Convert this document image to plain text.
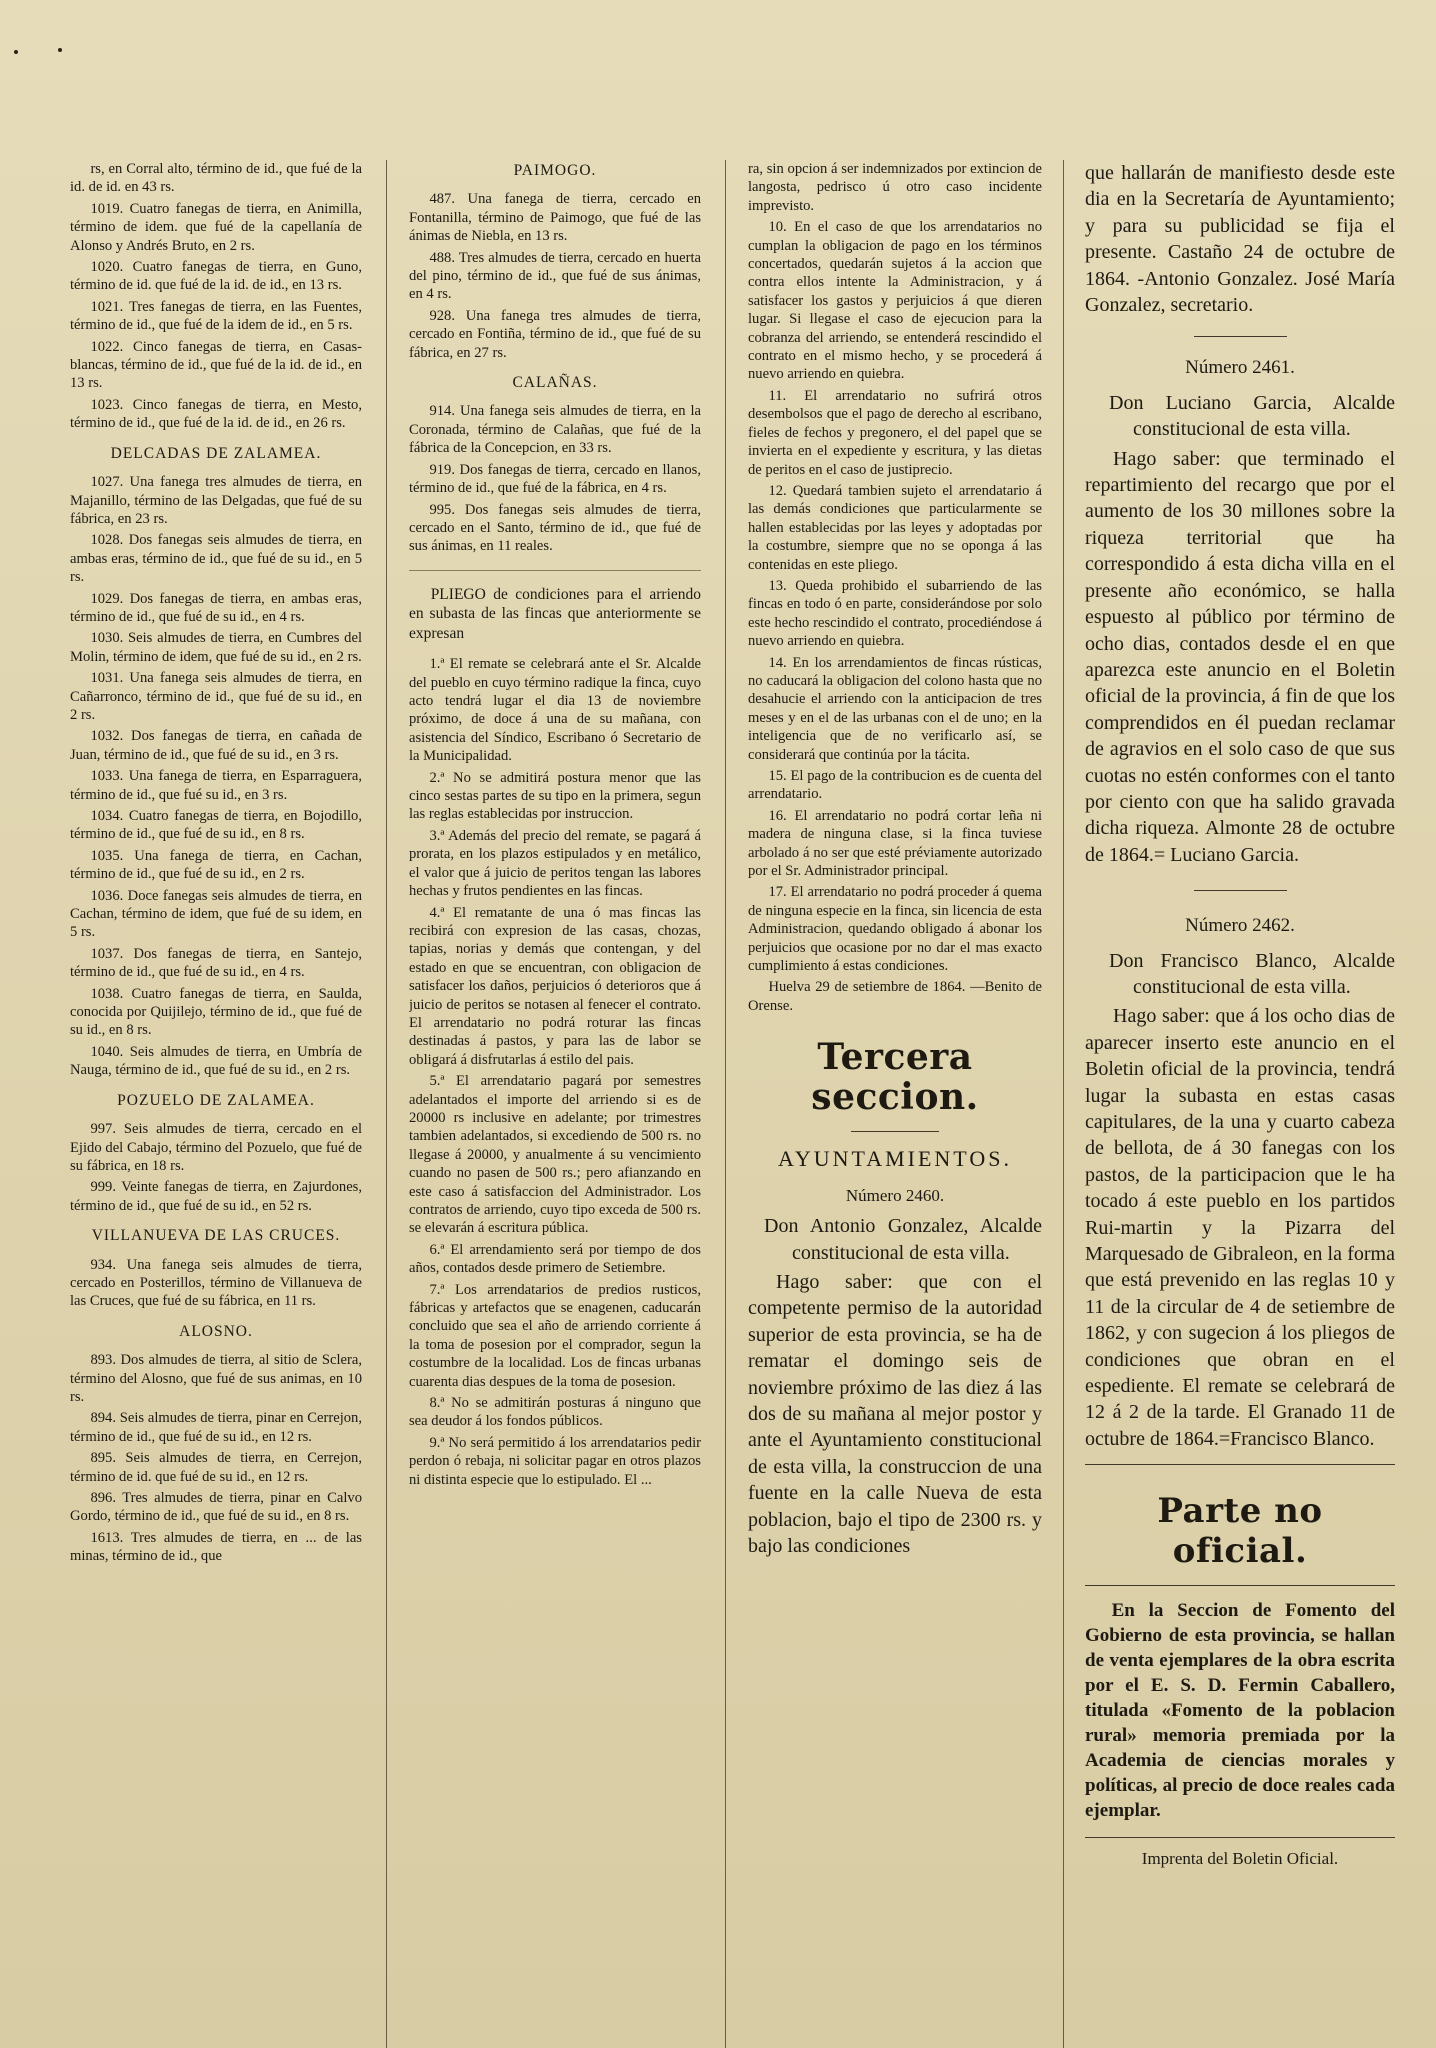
rs, en Corral alto, término de id., que fué de la id. de id. en 43 rs.

1019. Cuatro fanegas de tierra, en Animilla, término de idem. que fué de la capellanía de Alonso y Andrés Bruto, en 2 rs.

1020. Cuatro fanegas de tierra, en Guno, término de id. que fué de la id. de id., en 13 rs.

1021. Tres fanegas de tierra, en las Fuentes, término de id., que fué de la idem de id., en 5 rs.

1022. Cinco fanegas de tierra, en Casas-blancas, término de id., que fué de la id. de id., en 13 rs.

1023. Cinco fanegas de tierra, en Mesto, término de id., que fué de la id. de id., en 26 rs.

DELCADAS DE ZALAMEA.

1027. Una fanega tres almudes de tierra, en Majanillo, término de las Delgadas, que fué de su fábrica, en 23 rs.

1028. Dos fanegas seis almudes de tierra, en ambas eras, término de id., que fué de su id., en 5 rs.

1029. Dos fanegas de tierra, en ambas eras, término de id., que fué de su id., en 4 rs.

1030. Seis almudes de tierra, en Cumbres del Molin, término de idem, que fué de su id., en 2 rs.

1031. Una fanega seis almudes de tierra, en Cañarronco, término de id., que fué de su id., en 2 rs.

1032. Dos fanegas de tierra, en cañada de Juan, término de id., que fué de su id., en 3 rs.

1033. Una fanega de tierra, en Esparraguera, término de id., que fué su id., en 3 rs.

1034. Cuatro fanegas de tierra, en Bojodillo, término de id., que fué de su id., en 8 rs.

1035. Una fanega de tierra, en Cachan, término de id., que fué de su id., en 2 rs.

1036. Doce fanegas seis almudes de tierra, en Cachan, término de idem, que fué de su idem, en 5 rs.

1037. Dos fanegas de tierra, en Santejo, término de id., que fué de su id., en 4 rs.

1038. Cuatro fanegas de tierra, en Saulda, conocida por Quijilejo, término de id., que fué de su id., en 8 rs.

1040. Seis almudes de tierra, en Umbría de Nauga, término de id., que fué de su id., en 2 rs.

POZUELO DE ZALAMEA.

997. Seis almudes de tierra, cercado en el Ejido del Cabajo, término del Pozuelo, que fué de su fábrica, en 18 rs.

999. Veinte fanegas de tierra, en Zajurdones, término de id., que fué de su id., en 52 rs.

VILLANUEVA DE LAS CRUCES.

934. Una fanega seis almudes de tierra, cercado en Posterillos, término de Villanueva de las Cruces, que fué de su fábrica, en 11 rs.

ALOSNO.

893. Dos almudes de tierra, al sitio de Sclera, término del Alosno, que fué de sus animas, en 10 rs.

894. Seis almudes de tierra, pinar en Cerrejon, término de id., que fué de su id., en 12 rs.

895. Seis almudes de tierra, en Cerrejon, término de id. que fué de su id., en 12 rs.

896. Tres almudes de tierra, pinar en Calvo Gordo, término de id., que fué de su id., en 8 rs.

1613. Tres almudes de tierra, en ... de las minas, término de id., que

PAIMOGO.

487. Una fanega de tierra, cercado en Fontanilla, término de Paimogo, que fué de las ánimas de Niebla, en 13 rs.

488. Tres almudes de tierra, cercado en huerta del pino, término de id., que fué de sus ánimas, en 4 rs.

928. Una fanega tres almudes de tierra, cercado en Fontiña, término de id., que fué de su fábrica, en 27 rs.

CALAÑAS.

914. Una fanega seis almudes de tierra, en la Coronada, término de Calañas, que fué de la fábrica de la Concepcion, en 33 rs.

919. Dos fanegas de tierra, cercado en llanos, término de id., que fué de la fábrica, en 4 rs.

995. Dos fanegas seis almudes de tierra, cercado en el Santo, término de id., que fué de sus ánimas, en 11 reales.

PLIEGO de condiciones para el arriendo en subasta de las fincas que anteriormente se expresan

1.ª El remate se celebrará ante el Sr. Alcalde del pueblo en cuyo término radique la finca, cuyo acto tendrá lugar el dia 13 de noviembre próximo, de doce á una de su mañana, con asistencia del Síndico, Escribano ó Secretario de la Municipalidad.

2.ª No se admitirá postura menor que las cinco sestas partes de su tipo en la primera, segun las reglas establecidas por instruccion.

3.ª Además del precio del remate, se pagará á prorata, en los plazos estipulados y en metálico, el valor que á juicio de peritos tengan las labores hechas y frutos pendientes en las fincas.

4.ª El rematante de una ó mas fincas las recibirá con expresion de las casas, chozas, tapias, norias y demás que contengan, y del estado en que se encuentran, con obligacion de satisfacer los daños, perjuicios ó deterioros que á juicio de peritos se notasen al fenecer el contrato. El arrendatario no podrá roturar las fincas destinadas á pastos, y para las de labor se obligará á disfrutarlas á estilo del pais.

5.ª El arrendatario pagará por semestres adelantados el importe del arriendo si es de 20000 rs inclusive en adelante; por trimestres tambien adelantados, si excediendo de 500 rs. no llegase á 20000, y anualmente á su vencimiento cuando no pasen de 500 rs.; pero afianzando en este caso á satisfaccion del Administrador. Los contratos de arriendo, cuyo tipo exceda de 500 rs. se elevarán á escritura pública.

6.ª El arrendamiento será por tiempo de dos años, contados desde primero de Setiembre.

7.ª Los arrendatarios de predios rusticos, fábricas y artefactos que se enagenen, caducarán concluido que sea el año de arriendo corriente á la toma de posesion por el comprador, segun la costumbre de la localidad. Los de fincas urbanas cuarenta dias despues de la toma de posesion.

8.ª No se admitirán posturas á ninguno que sea deudor á los fondos públicos.

9.ª No será permitido á los arrendatarios pedir perdon ó rebaja, ni solicitar pagar en otros plazos ni distinta especie que lo estipulado. El ...

ra, sin opcion á ser indemnizados por extincion de langosta, pedrisco ú otro caso incidente imprevisto.

10. En el caso de que los arrendatarios no cumplan la obligacion de pago en los términos concertados, quedarán sujetos á la accion que contra ellos intente la Administracion, y á satisfacer los gastos y perjuicios á que dieren lugar. Si llegase el caso de ejecucion para la cobranza del arriendo, se entenderá rescindido el contrato en el mismo hecho, y se procederá á nuevo arriendo en quiebra.

11. El arrendatario no sufrirá otros desembolsos que el pago de derecho al escribano, fieles de fechos y pregonero, el del papel que se invierta en el expediente y escritura, y las dietas de peritos en el caso de justiprecio.

12. Quedará tambien sujeto el arrendatario á las demás condiciones que particularmente se hallen establecidas por las leyes y adoptadas por la costumbre, siempre que no se oponga á las contenidas en este pliego.

13. Queda prohibido el subarriendo de las fincas en todo ó en parte, considerándose por solo este hecho rescindido el contrato, procediéndose á nuevo arriendo en quiebra.

14. En los arrendamientos de fincas rústicas, no caducará la obligacion del colono hasta que no desahucie el arriendo con la anticipacion de tres meses y en el de las urbanas con el de uno; en la inteligencia que de no verificarlo así, se considerará que continúa por la tácita.

15. El pago de la contribucion es de cuenta del arrendatario.

16. El arrendatario no podrá cortar leña ni madera de ninguna clase, si la finca tuviese arbolado á no ser que esté préviamente autorizado por el Sr. Administrador principal.

17. El arrendatario no podrá proceder á quema de ninguna especie en la finca, sin licencia de esta Administracion, quedando obligado á abonar los perjuicios que ocasione por no dar el mas exacto cumplimiento á estas condiciones.

Huelva 29 de setiembre de 1864. —Benito de Orense.

Tercera seccion.
AYUNTAMIENTOS.
Número 2460.

Don Antonio Gonzalez, Alcalde constitucional de esta villa.

Hago saber: que con el competente permiso de la autoridad superior de esta provincia, se ha de rematar el domingo seis de noviembre próximo de las diez á las dos de su mañana al mejor postor y ante el Ayuntamiento constitucional de esta villa, la construccion de una fuente en la calle Nueva de esta poblacion, bajo el tipo de 2300 rs. y bajo las condiciones

que hallarán de manifiesto desde este dia en la Secretaría de Ayuntamiento; y para su publicidad se fija el presente. Castaño 24 de octubre de 1864. -Antonio Gonzalez. José María Gonzalez, secretario.

Número 2461.

Don Luciano Garcia, Alcalde constitucional de esta villa.

Hago saber: que terminado el repartimiento del recargo que por el aumento de los 30 millones sobre la riqueza territorial que ha correspondido á esta dicha villa en el presente año económico, se halla espuesto al público por término de ocho dias, contados desde el en que aparezca este anuncio en el Boletin oficial de la provincia, á fin de que los comprendidos en él puedan reclamar de agravios en el solo caso de que sus cuotas no estén conformes con el tanto por ciento con que ha salido gravada dicha riqueza. Almonte 28 de octubre de 1864.= Luciano Garcia.

Número 2462.

Don Francisco Blanco, Alcalde constitucional de esta villa.

Hago saber: que á los ocho dias de aparecer inserto este anuncio en el Boletin oficial de la provincia, tendrá lugar la subasta en estas casas capitulares, de la una y cuarto cabeza de bellota, de á 30 fanegas con los pastos, de la participacion que le ha tocado á este pueblo en los partidos Rui-martin y la Pizarra del Marquesado de Gibraleon, en la forma que está prevenido en las reglas 10 y 11 de la circular de 4 de setiembre de 1862, y con sugecion á los pliegos de condiciones que obran en el espediente. El remate se celebrará de 12 á 2 de la tarde. El Granado 11 de octubre de 1864.=Francisco Blanco.

Parte no oficial.

En la Seccion de Fomento del Gobierno de esta provincia, se hallan de venta ejemplares de la obra escrita por el E. S. D. Fermin Caballero, titulada «Fomento de la poblacion rural» memoria premiada por la Academia de ciencias morales y políticas, al precio de doce reales cada ejemplar.

Imprenta del Boletin Oficial.
